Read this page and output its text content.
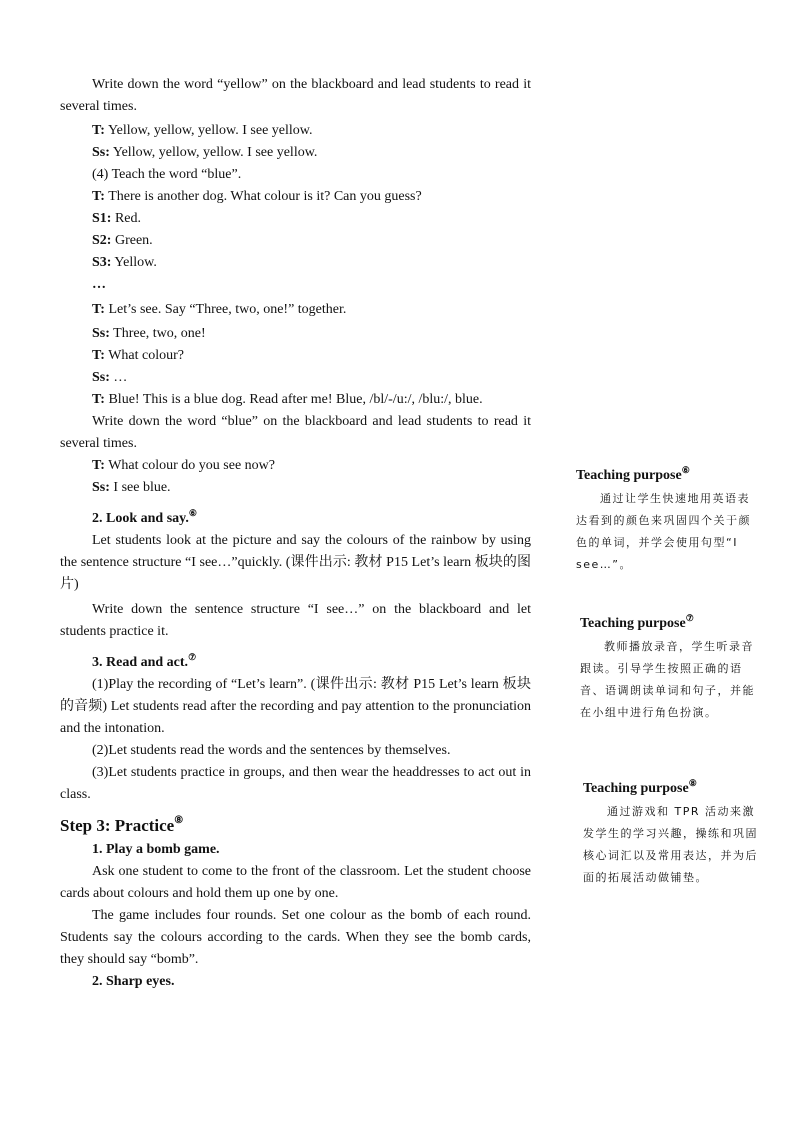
Write down the word “yellow” on the blackboard and lead students to read it several times.

T: Yellow, yellow, yellow. I see yellow.
Ss: Yellow, yellow, yellow. I see yellow.
(4) Teach the word “blue”.
T: There is another dog. What colour is it? Can you guess?
S1: Red.
S2: Green.
S3: Yellow.
…
T: Let’s see. Say “Three, two, one!” together.
Ss: Three, two, one!
T: What colour?
Ss: …

T: Blue! This is a blue dog. Read after me! Blue, /bl/-/u:/, /blu:/, blue.

Write down the word “blue” on the blackboard and lead students to read it several times.

T: What colour do you see now?
Ss: I see blue.
2. Look and say.⑥

Let students look at the picture and say the colours of the rainbow by using the sentence structure “I see…”quickly. (课件出示: 教材 P15 Let’s learn 板块的图片)

Write down the sentence structure “I see…” on the blackboard and let students practice it.

3. Read and act.⑦

(1)Play the recording of “Let’s learn”. (课件出示: 教材 P15 Let’s learn 板块的音频) Let students read after the recording and pay attention to the pronunciation and the intonation.

(2)Let students read the words and the sentences by themselves.

(3)Let students practice in groups, and then wear the headdresses to act out in class.

Step 3: Practice⑧
1. Play a bomb game.

Ask one student to come to the front of the classroom. Let the student choose cards about colours and hold them up one by one.

The game includes four rounds. Set one colour as the bomb of each round. Students say the colours according to the cards. When they see the bomb cards, they should say “bomb”.

2. Sharp eyes.

Teaching purpose⑥

通过让学生快速地用英语表达看到的颜色来巩固四个关于颜色的单词，并学会使用句型“I see…”。

Teaching purpose⑦

教师播放录音，学生听录音跟读。引导学生按照正确的语音、语调朗读单词和句子，并能在小组中进行角色扮演。

Teaching purpose⑧

通过游戏和 TPR 活动来激发学生的学习兴趣，操练和巩固核心词汇以及常用表达，并为后面的拓展活动做铺垫。
